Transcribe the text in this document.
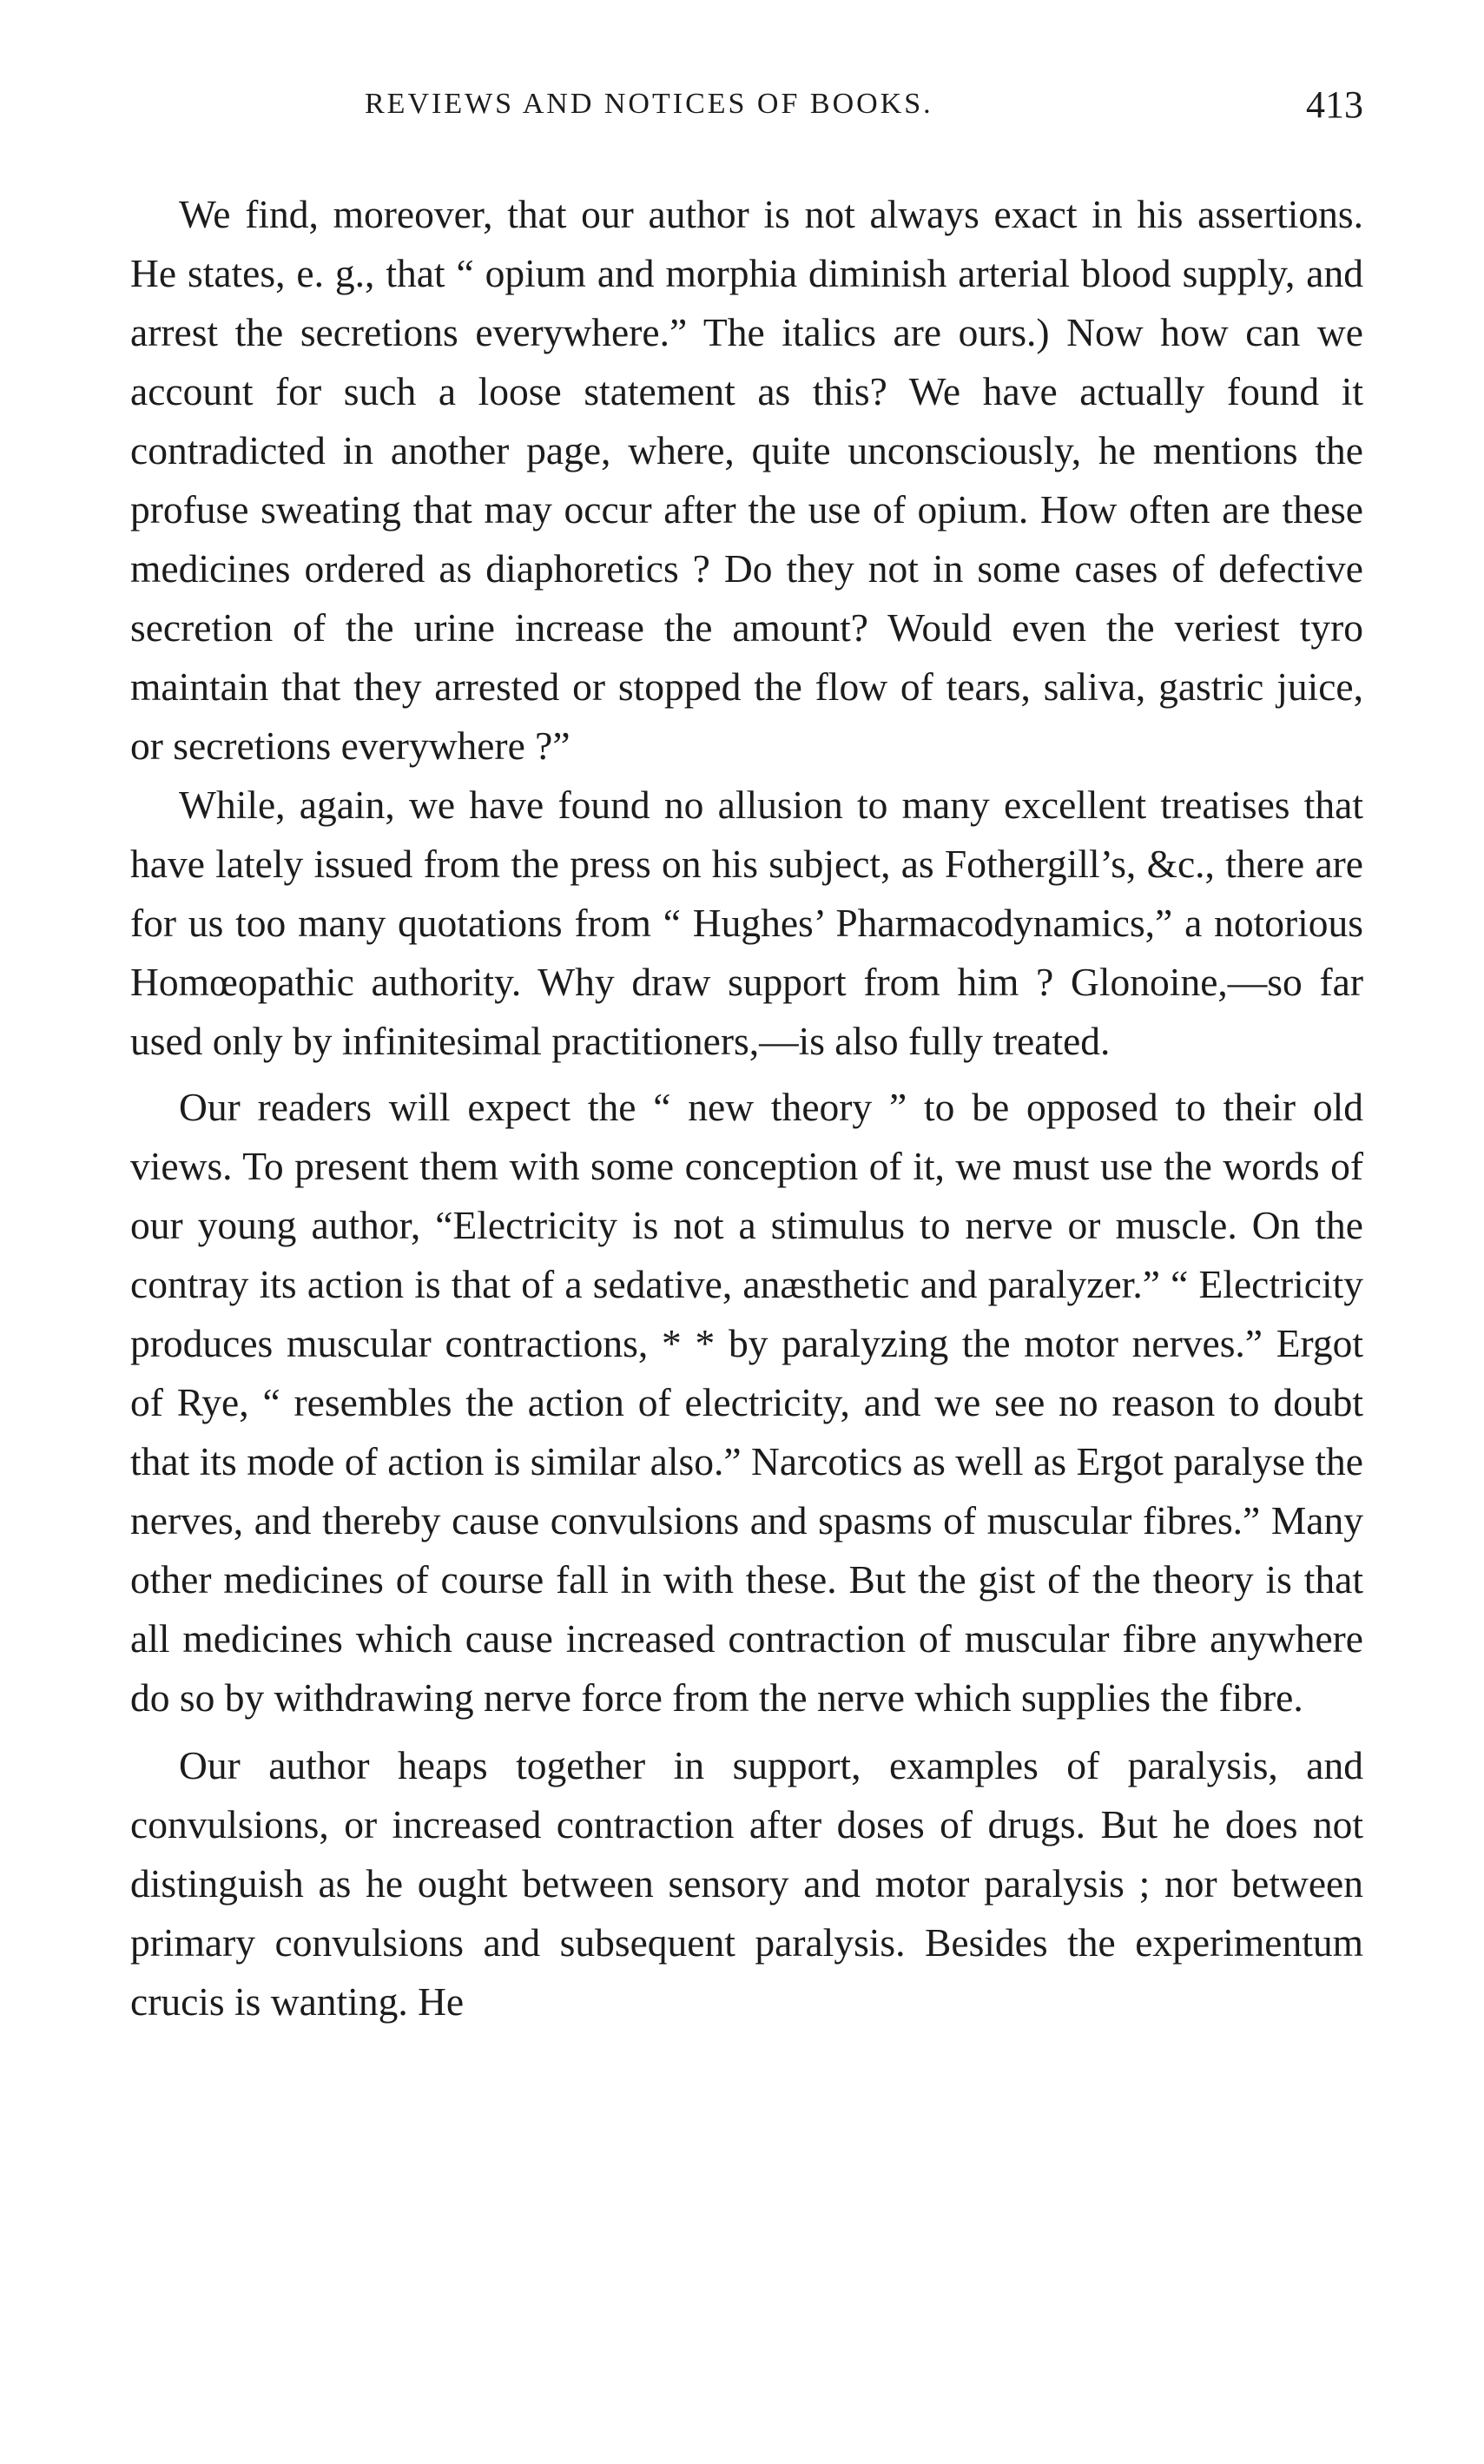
REVIEWS AND NOTICES OF BOOKS.	413

We find, moreover, that our author is not always exact in his assertions. He states, e. g., that “ opium and morphia diminish arterial blood supply, and arrest the secretions everywhere.” The italics are ours.) Now how can we account for such a loose statement as this? We have actually found it contradicted in another page, where, quite unconsciously, he mentions the profuse sweating that may occur after the use of opium. How often are these medicines ordered as diaphoretics ? Do they not in some cases of defective secretion of the urine increase the amount? Would even the veriest tyro maintain that they arrested or stopped the flow of tears, saliva, gastric juice, or secretions everywhere ?”

While, again, we have found no allusion to many excellent treatises that have lately issued from the press on his subject, as Fothergill’s, &c., there are for us too many quotations from “ Hughes’ Pharmacodynamics,” a notorious Homœopathic authority. Why draw support from him ? Glonoine,—so far used only by infinitesimal practitioners,—is also fully treated.

Our readers will expect the “ new theory ” to be opposed to their old views. To present them with some conception of it, we must use the words of our young author, “Electricity is not a stimulus to nerve or muscle. On the contray its action is that of a sedative, anæsthetic and paralyzer.” “ Electricity produces muscular contractions, * * by paralyzing the motor nerves.” Ergot of Rye, “ resembles the action of electricity, and we see no reason to doubt that its mode of action is similar also.” Narcotics as well as Ergot paralyse the nerves, and thereby cause convulsions and spasms of muscular fibres.” Many other medicines of course fall in with these. But the gist of the theory is that all medicines which cause increased contraction of muscular fibre anywhere do so by withdrawing nerve force from the nerve which supplies the fibre.

Our author heaps together in support, examples of paralysis, and convulsions, or increased contraction after doses of drugs. But he does not distinguish as he ought between sensory and motor paralysis ; nor between primary convulsions and subsequent paralysis. Besides the experimentum crucis is wanting. He
